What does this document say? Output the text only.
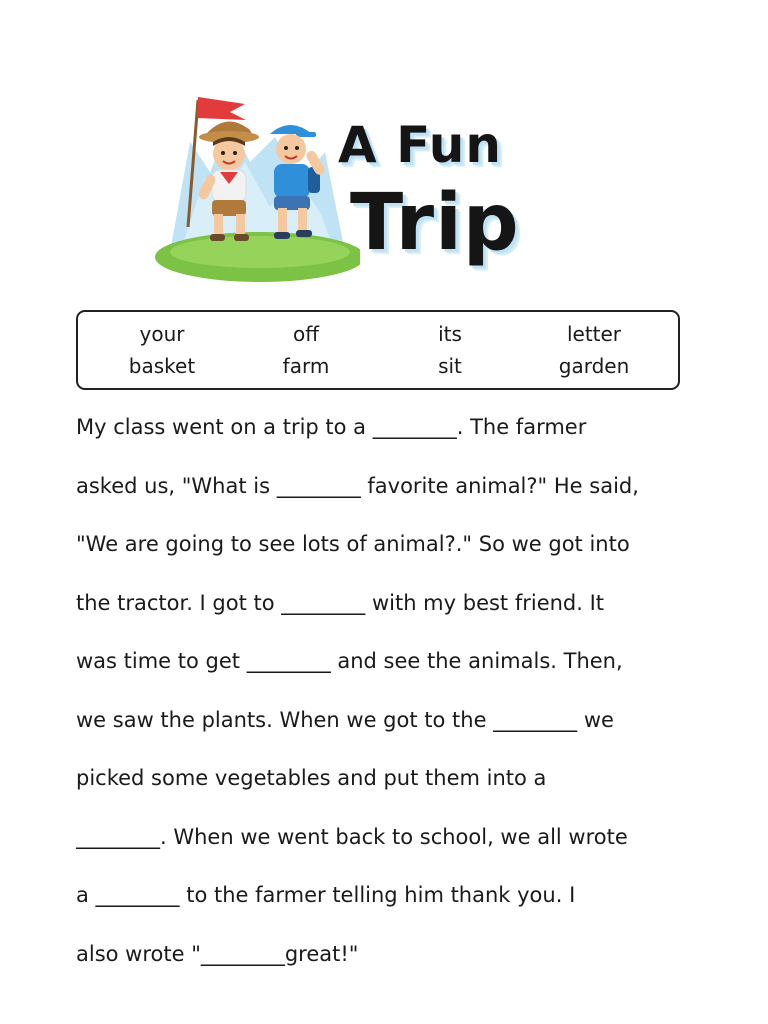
A Fun
Trip
your	off	its	letter
basket	farm	sit	garden
My class went on a trip to a ________. The farmer
asked us, "What is ________ favorite animal?" He said,
"We are going to see lots of animal?." So we got into
the tractor. I got to ________ with my best friend. It
was time to get ________ and see the animals. Then,
we saw the plants. When we got to the ________ we
picked some vegetables and put them into a
________. When we went back to school, we all wrote
a ________ to the farmer telling him thank you. I
also wrote "________great!"
